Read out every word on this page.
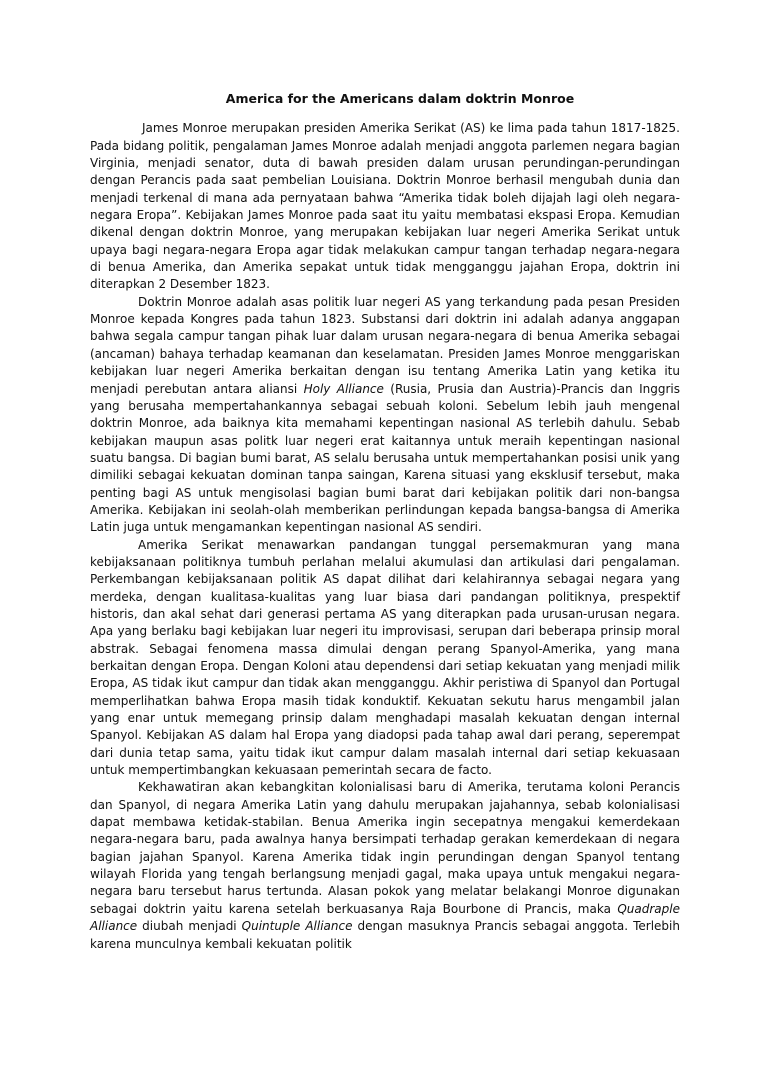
America for the Americans dalam doktrin Monroe

James Monroe merupakan presiden Amerika Serikat (AS) ke lima pada tahun 1817-1825. Pada bidang politik, pengalaman James Monroe adalah menjadi anggota parlemen negara bagian Virginia, menjadi senator, duta di bawah presiden dalam urusan perundingan-perundingan dengan Perancis pada saat pembelian Louisiana. Doktrin Monroe berhasil mengubah dunia dan menjadi terkenal di mana ada pernyataan bahwa “Amerika tidak boleh dijajah lagi oleh negara-negara Eropa”. Kebijakan James Monroe pada saat itu yaitu membatasi ekspasi Eropa. Kemudian dikenal dengan doktrin Monroe, yang merupakan kebijakan luar negeri Amerika Serikat untuk upaya bagi negara-negara Eropa agar tidak melakukan campur tangan terhadap negara-negara di benua Amerika, dan Amerika sepakat untuk tidak mengganggu jajahan Eropa, doktrin ini diterapkan 2 Desember 1823.

Doktrin Monroe adalah asas politik luar negeri AS yang terkandung pada pesan Presiden Monroe kepada Kongres pada tahun 1823. Substansi dari doktrin ini adalah adanya anggapan bahwa segala campur tangan pihak luar dalam urusan negara-negara di benua Amerika sebagai (ancaman) bahaya terhadap keamanan dan keselamatan. Presiden James Monroe menggariskan kebijakan luar negeri Amerika berkaitan dengan isu tentang Amerika Latin yang ketika itu menjadi perebutan antara aliansi Holy Alliance (Rusia, Prusia dan Austria)-Prancis dan Inggris yang berusaha mempertahankannya sebagai sebuah koloni. Sebelum lebih jauh mengenal doktrin Monroe, ada baiknya kita memahami kepentingan nasional AS terlebih dahulu. Sebab kebijakan maupun asas politk luar negeri erat kaitannya untuk meraih kepentingan nasional suatu bangsa. Di bagian bumi barat, AS selalu berusaha untuk mempertahankan posisi unik yang dimiliki sebagai kekuatan dominan tanpa saingan, Karena situasi yang eksklusif tersebut, maka penting bagi AS untuk mengisolasi bagian bumi barat dari kebijakan politik dari non-bangsa Amerika. Kebijakan ini seolah-olah memberikan perlindungan kepada bangsa-bangsa di Amerika Latin juga untuk mengamankan kepentingan nasional AS sendiri.

Amerika Serikat menawarkan pandangan tunggal persemakmuran yang mana kebijaksanaan politiknya tumbuh perlahan melalui akumulasi dan artikulasi dari pengalaman. Perkembangan kebijaksanaan politik AS dapat dilihat dari kelahirannya sebagai negara yang merdeka, dengan kualitasa-kualitas yang luar biasa dari pandangan politiknya, prespektif historis, dan akal sehat dari generasi pertama AS yang diterapkan pada urusan-urusan negara. Apa yang berlaku bagi kebijakan luar negeri itu improvisasi, serupan dari beberapa prinsip moral abstrak. Sebagai fenomena massa dimulai dengan perang Spanyol-Amerika, yang mana berkaitan dengan Eropa. Dengan Koloni atau dependensi dari setiap kekuatan yang menjadi milik Eropa, AS tidak ikut campur dan tidak akan mengganggu. Akhir peristiwa di Spanyol dan Portugal memperlihatkan bahwa Eropa masih tidak konduktif. Kekuatan sekutu harus mengambil jalan yang enar untuk memegang prinsip dalam menghadapi masalah kekuatan dengan internal Spanyol. Kebijakan AS dalam hal Eropa yang diadopsi pada tahap awal dari perang, seperempat dari dunia tetap sama, yaitu tidak ikut campur dalam masalah internal dari setiap kekuasaan untuk mempertimbangkan kekuasaan pemerintah secara de facto.

Kekhawatiran akan kebangkitan kolonialisasi baru di Amerika, terutama koloni Perancis dan Spanyol, di negara Amerika Latin yang dahulu merupakan jajahannya, sebab kolonialisasi dapat membawa ketidak-stabilan. Benua Amerika ingin secepatnya mengakui kemerdekaan negara-negara baru, pada awalnya hanya bersimpati terhadap gerakan kemerdekaan di negara bagian jajahan Spanyol. Karena Amerika tidak ingin perundingan dengan Spanyol tentang wilayah Florida yang tengah berlangsung menjadi gagal, maka upaya untuk mengakui negara-negara baru tersebut harus tertunda. Alasan pokok yang melatar belakangi Monroe digunakan sebagai doktrin yaitu karena setelah berkuasanya Raja Bourbone di Prancis, maka Quadraple Alliance diubah menjadi Quintuple Alliance dengan masuknya Prancis sebagai anggota. Terlebih karena munculnya kembali kekuatan politik
